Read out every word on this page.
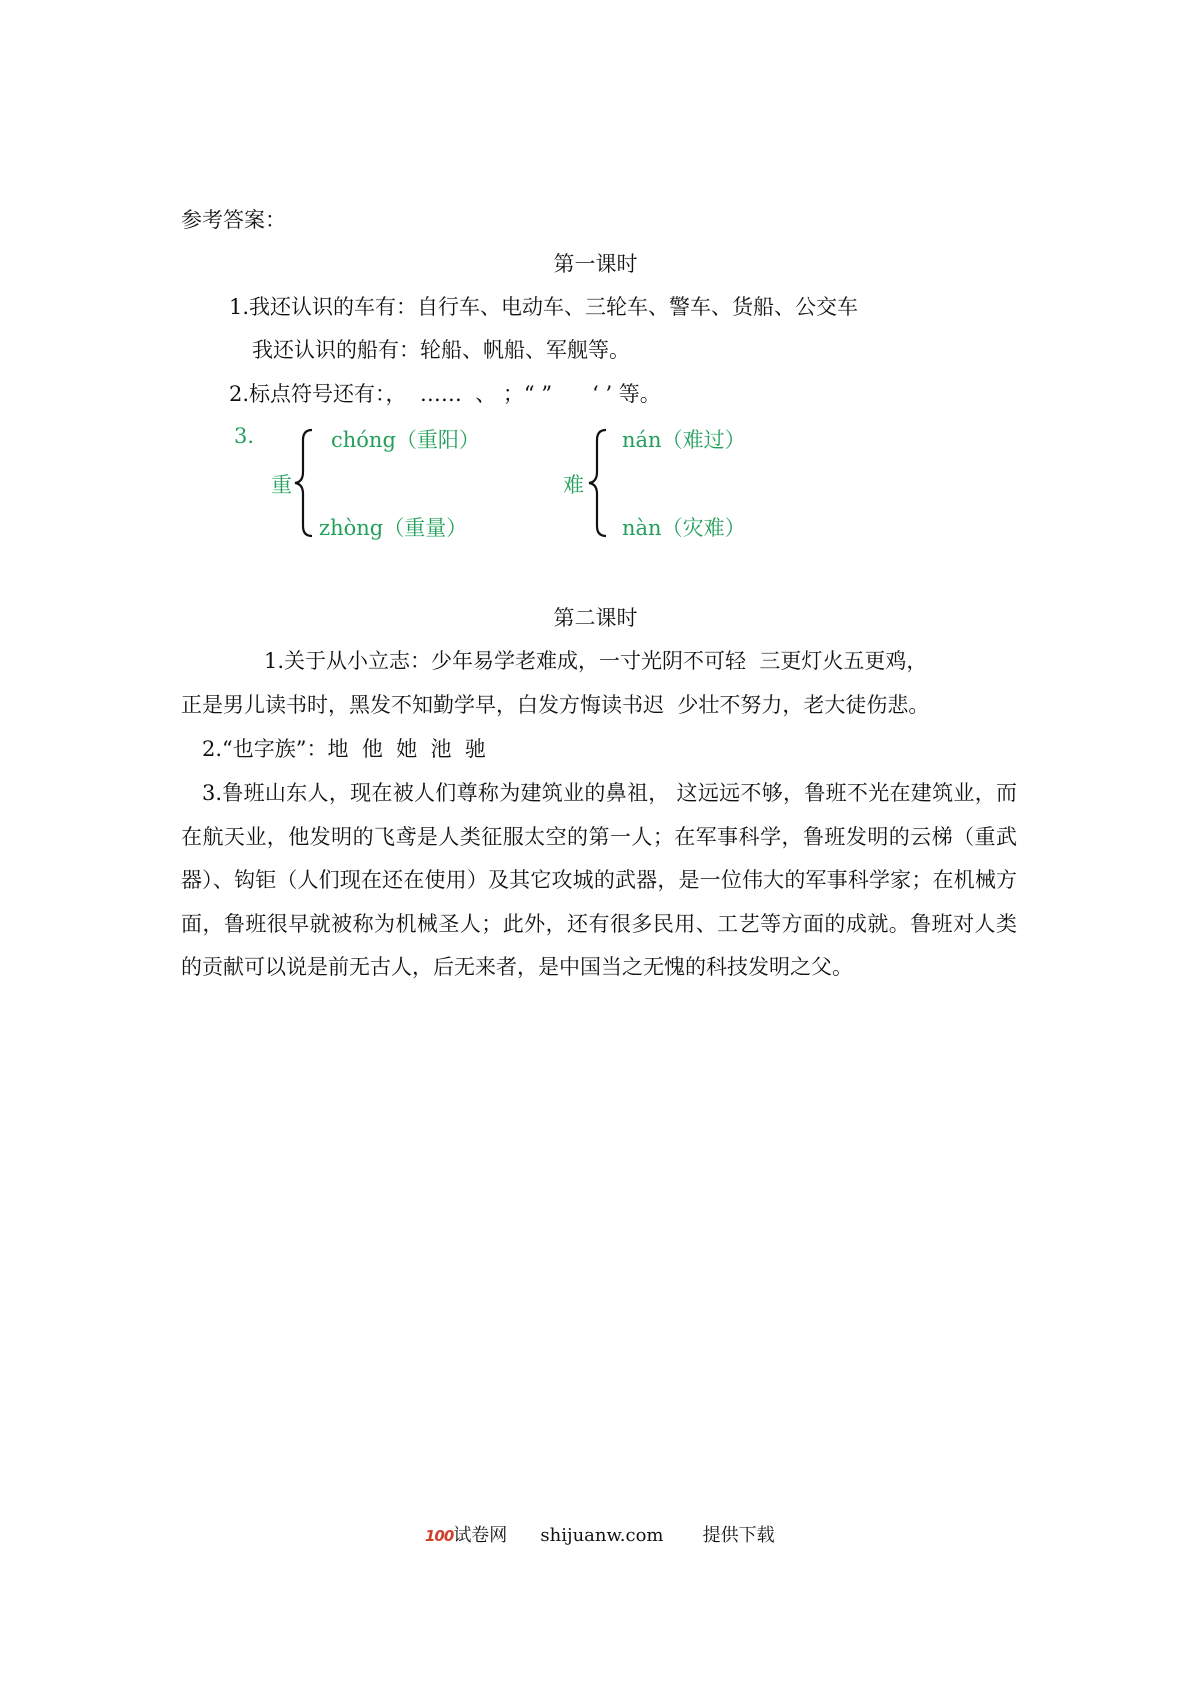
参考答案：
第一课时
1.我还认识的车有：自行车、电动车、三轮车、警车、货船、公交车
我还认识的船有：轮船、帆船、军舰等。
2.标点符号还有：，  ……  、 ；“ ”      ‘ ’ 等。
3.
重
chóng（重阳）
zhòng（重量）
难
nán（难过）
nàn（灾难）
第二课时
1.关于从小立志：少年易学老难成，一寸光阴不可轻  三更灯火五更鸡，
正是男儿读书时，黑发不知勤学早，白发方悔读书迟  少壮不努力，老大徒伤悲。
2.“也字族”：地  他  她  池  驰
3.鲁班山东人，现在被人们尊称为建筑业的鼻祖， 这远远不够，鲁班不光在建筑业，而在航天业，他发明的飞鸢是人类征服太空的第一人；在军事科学，鲁班发明的云梯（重武器）、钩钜（人们现在还在使用）及其它攻城的武器，是一位伟大的军事科学家；在机械方面，鲁班很早就被称为机械圣人；此外，还有很多民用、工艺等方面的成就。鲁班对人类的贡献可以说是前无古人，后无来者，是中国当之无愧的科技发明之父。
100试卷网 shijuanw.com 提供下载
